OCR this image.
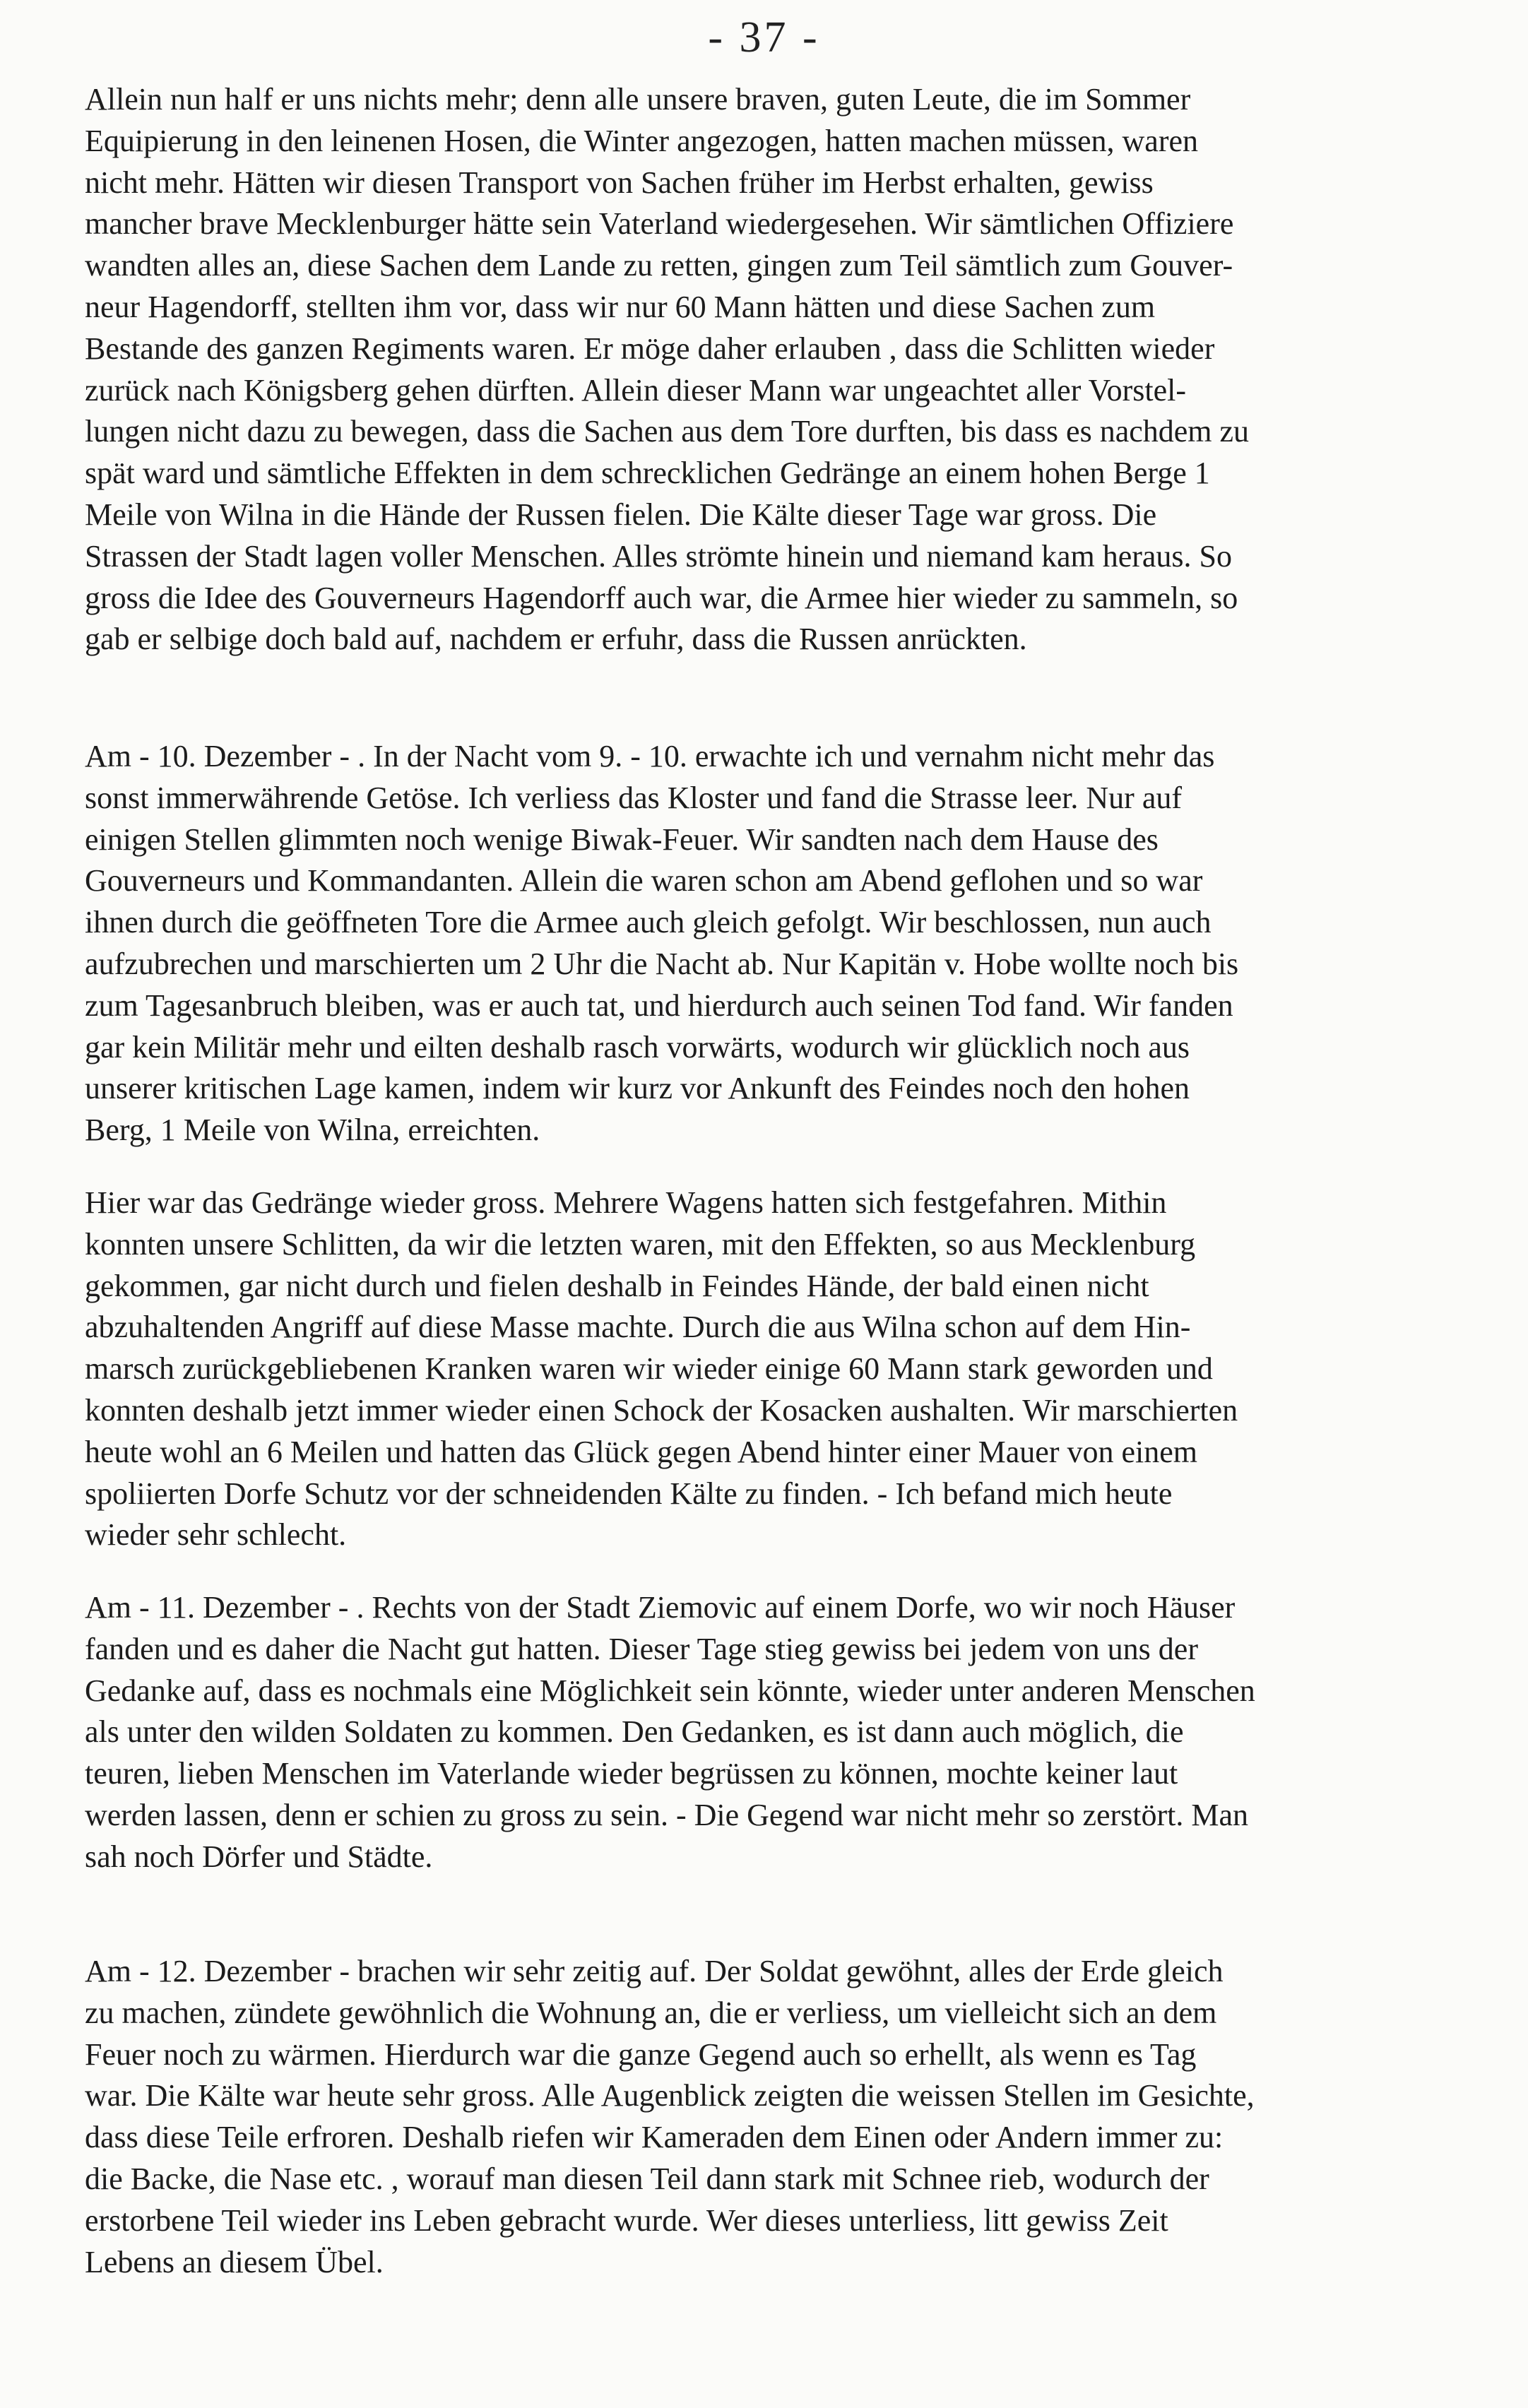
- 37 -
Allein nun half er uns nichts mehr; denn alle unsere braven, guten Leute, die im Sommer
Equipierung in den leinenen Hosen, die Winter angezogen, hatten machen müssen, waren
nicht mehr. Hätten wir diesen Transport von Sachen früher im Herbst erhalten, gewiss
mancher brave Mecklenburger hätte sein Vaterland wiedergesehen. Wir sämtlichen Offiziere
wandten alles an, diese Sachen dem Lande zu retten, gingen zum Teil sämtlich zum Gouver-
neur Hagendorff, stellten ihm vor, dass wir nur 60 Mann hätten und diese Sachen zum
Bestande des ganzen Regiments waren. Er möge daher erlauben , dass die Schlitten wieder
zurück nach Königsberg gehen dürften. Allein dieser Mann war ungeachtet aller Vorstel-
lungen nicht dazu zu bewegen, dass die Sachen aus dem Tore durften, bis dass es nachdem zu
spät ward und sämtliche Effekten in dem schrecklichen Gedränge an einem hohen Berge 1
Meile von Wilna in die Hände der Russen fielen. Die Kälte dieser Tage war gross. Die
Strassen der Stadt lagen voller Menschen. Alles strömte hinein und niemand kam heraus. So
gross die Idee des Gouverneurs Hagendorff auch war, die Armee hier wieder zu sammeln, so
gab er selbige doch bald auf, nachdem er erfuhr, dass die Russen anrückten.
Am - 10. Dezember - . In der Nacht vom 9. - 10. erwachte ich und vernahm nicht mehr das
sonst immerwährende Getöse. Ich verliess das Kloster und fand die Strasse leer. Nur auf
einigen Stellen glimmten noch wenige Biwak-Feuer. Wir sandten nach dem Hause des
Gouverneurs und Kommandanten. Allein die waren schon am Abend geflohen und so war
ihnen durch die geöffneten Tore die Armee auch gleich gefolgt. Wir beschlossen, nun auch
aufzubrechen und marschierten um 2 Uhr die Nacht ab. Nur Kapitän v. Hobe wollte noch bis
zum Tagesanbruch bleiben, was er auch tat, und hierdurch auch seinen Tod fand. Wir fanden
gar kein Militär mehr und eilten deshalb rasch vorwärts, wodurch wir glücklich noch aus
unserer kritischen Lage kamen, indem wir kurz vor Ankunft des Feindes noch den hohen
Berg, 1 Meile von Wilna, erreichten.
Hier war das Gedränge wieder gross. Mehrere Wagens hatten sich festgefahren. Mithin
konnten unsere Schlitten, da wir die letzten waren, mit den Effekten, so aus Mecklenburg
gekommen, gar nicht durch und fielen deshalb in Feindes Hände, der bald einen nicht
abzuhaltenden Angriff auf diese Masse machte. Durch die aus Wilna schon auf dem Hin-
marsch zurückgebliebenen Kranken waren wir wieder einige 60 Mann stark geworden und
konnten deshalb jetzt immer wieder einen Schock der Kosacken aushalten. Wir marschierten
heute wohl an 6 Meilen und hatten das Glück gegen Abend hinter einer Mauer von einem
spoliierten Dorfe Schutz vor der schneidenden Kälte zu finden. - Ich befand mich heute
wieder sehr schlecht.
Am - 11. Dezember - . Rechts von der Stadt Ziemovic auf einem Dorfe, wo wir noch Häuser
fanden und es daher die Nacht gut hatten. Dieser Tage stieg gewiss bei jedem von uns der
Gedanke auf, dass es nochmals eine Möglichkeit sein könnte, wieder unter anderen Menschen
als unter den wilden Soldaten zu kommen. Den Gedanken, es ist dann auch möglich, die
teuren, lieben Menschen im Vaterlande wieder begrüssen zu können, mochte keiner laut
werden lassen, denn er schien zu gross zu sein. - Die Gegend war nicht mehr so zerstört. Man
sah noch Dörfer und Städte.
Am - 12. Dezember - brachen wir sehr zeitig auf. Der Soldat gewöhnt, alles der Erde gleich
zu machen, zündete gewöhnlich die Wohnung an, die er verliess, um vielleicht sich an dem
Feuer noch zu wärmen. Hierdurch war die ganze Gegend auch so erhellt, als wenn es Tag
war. Die Kälte war heute sehr gross. Alle Augenblick zeigten die weissen Stellen im Gesichte,
dass diese Teile erfroren. Deshalb riefen wir Kameraden dem Einen oder Andern immer zu:
die Backe, die Nase etc. , worauf man diesen Teil dann stark mit Schnee rieb, wodurch der
erstorbene Teil wieder ins Leben gebracht wurde. Wer dieses unterliess, litt gewiss Zeit
Lebens an diesem Übel.
